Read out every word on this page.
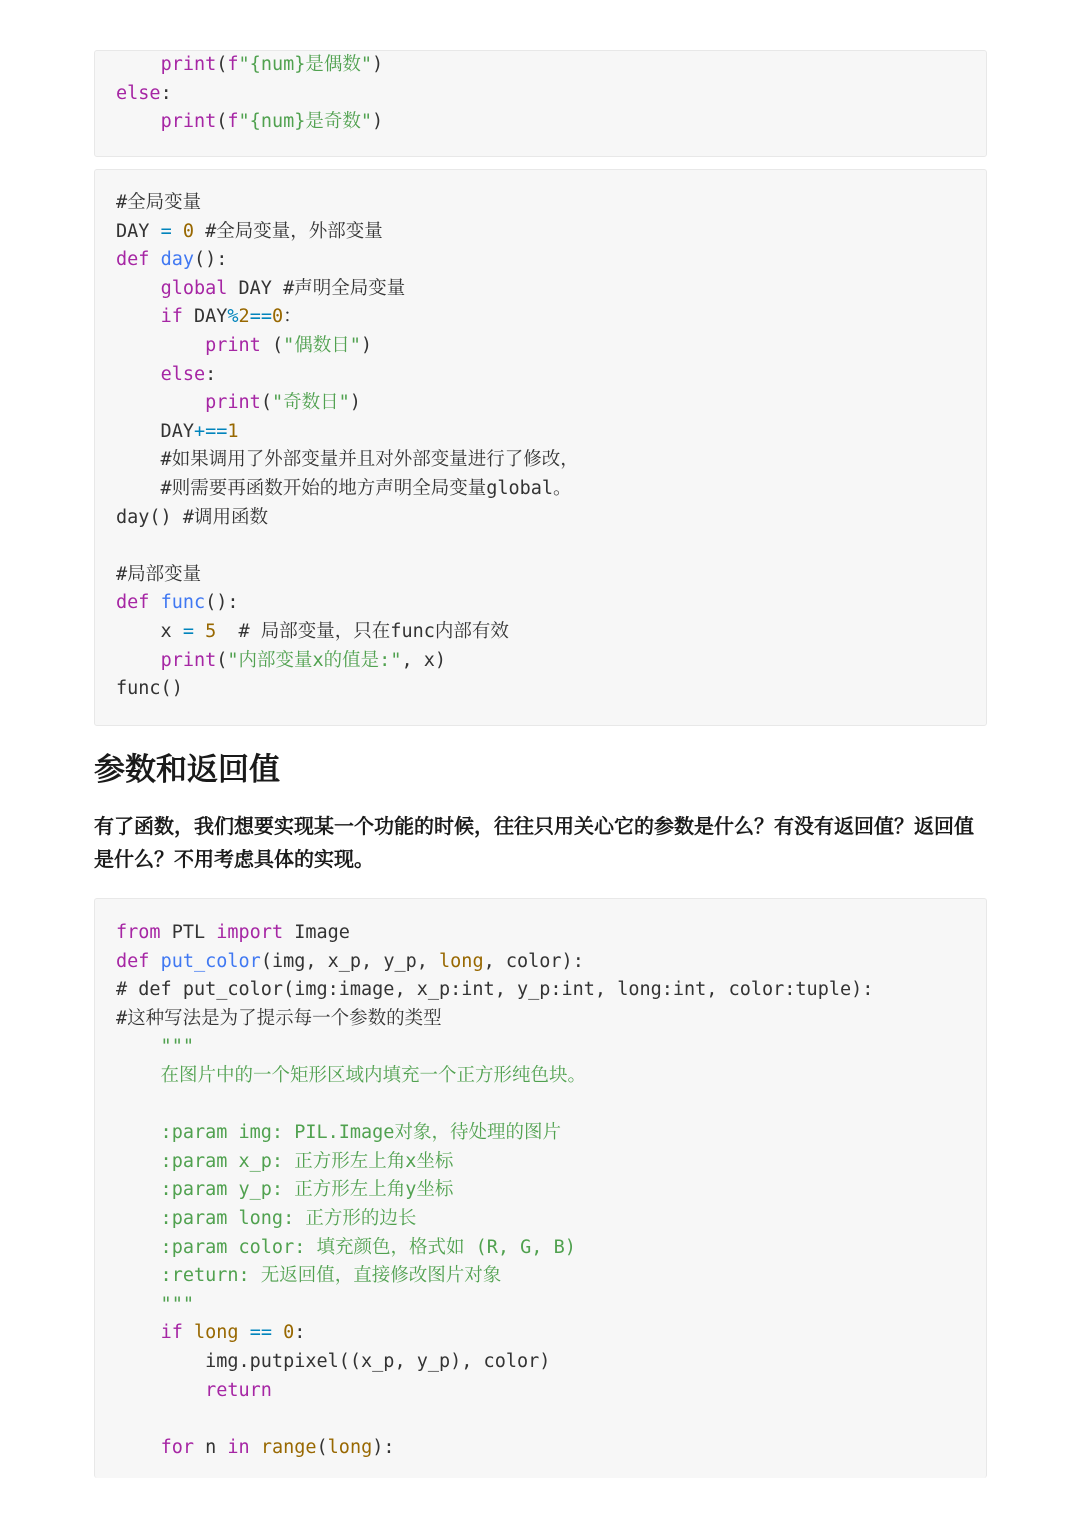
print(f"{num}是偶数")
else:
print(f"{num}是奇数")
#全局变量
DAY = 0 #全局变量，外部变量
def day():
global DAY #声明全局变量
if DAY%2==0：
print ("偶数日")
else:
print("奇数日")
DAY+==1
#如果调用了外部变量并且对外部变量进行了修改，
#则需要再函数开始的地方声明全局变量global。
day() #调用函数
#局部变量
def func():
x = 5  # 局部变量，只在func内部有效
print("内部变量x的值是:", x)
func()
参数和返回值

有了函数，我们想要实现某一个功能的时候，往往只用关心它的参数是什么？有没有返回值？返回值是什么？不用考虑具体的实现。

from PTL import Image
def put_color(img, x_p, y_p, long, color):
# def put_color(img:image, x_p:int, y_p:int, long:int, color:tuple):
#这种写法是为了提示每一个参数的类型
"""
在图片中的一个矩形区域内填充一个正方形纯色块。
:param img: PIL.Image对象，待处理的图片
:param x_p: 正方形左上角x坐标
:param y_p: 正方形左上角y坐标
:param long: 正方形的边长
:param color: 填充颜色，格式如 (R, G, B)
:return: 无返回值，直接修改图片对象
"""
if long == 0:
img.putpixel((x_p, y_p), color)
return
for n in range(long):
